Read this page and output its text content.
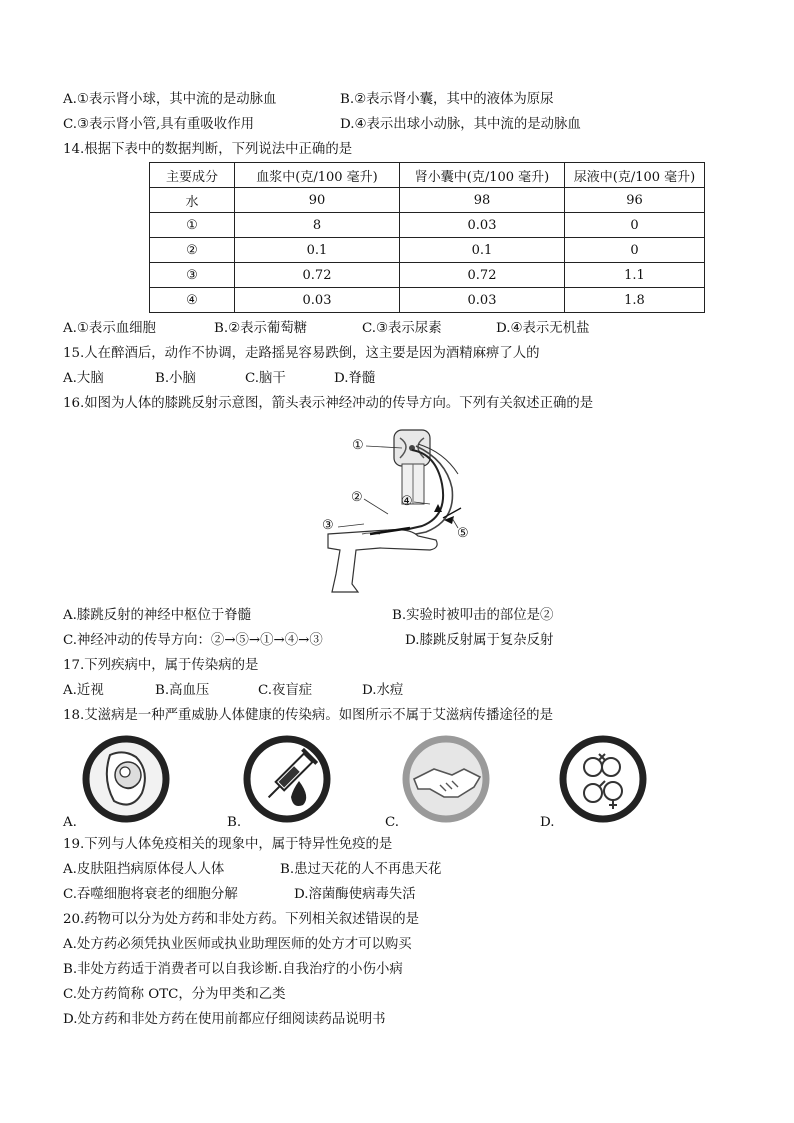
A.①表示肾小球，其中流的是动脉血	B.②表示肾小囊，其中的液体为原尿
C.③表示肾小管,具有重吸收作用	D.④表示出球小动脉，其中流的是动脉血
14.根据下表中的数据判断，下列说法中正确的是
主要成分	血浆中(克/100 毫升)	肾小囊中(克/100 毫升)	尿液中(克/100 毫升)
水	90	98	96
①	8	0.03	0
②	0.1	0.1	0
③	0.72	0.72	1.1
④	0.03	0.03	1.8
A.①表示血细胞	B.②表示葡萄糖	C.③表示尿素	D.④表示无机盐
15.人在醉酒后，动作不协调，走路摇晃容易跌倒，这主要是因为酒精麻痹了人的
A.大脑	B.小脑	C.脑干	D.脊髓
16.如图为人体的膝跳反射示意图，箭头表示神经冲动的传导方向。下列有关叙述正确的是
①
②
③
④
⑤
A.膝跳反射的神经中枢位于脊髓	B.实验时被叩击的部位是②
C.神经冲动的传导方向：②→⑤→①→④→③	D.膝跳反射属于复杂反射
17.下列疾病中，属于传染病的是
A.近视	B.高血压	C.夜盲症	D.水痘
18.艾滋病是一种严重威胁人体健康的传染病。如图所示不属于艾滋病传播途径的是
A.	B.	C.	D.
19.下列与人体免疫相关的现象中，属于特异性免疫的是
A.皮肤阻挡病原体侵人人体	B.患过天花的人不再患天花
C.吞噬细胞将衰老的细胞分解	D.溶菌酶使病毒失活
20.药物可以分为处方药和非处方药。下列相关叙述错误的是
A.处方药必须凭执业医师或执业助理医师的处方才可以购买
B.非处方药适于消费者可以自我诊断.自我治疗的小伤小病
C.处方药简称 OTC，分为甲类和乙类
D.处方药和非处方药在使用前都应仔细阅读药品说明书
